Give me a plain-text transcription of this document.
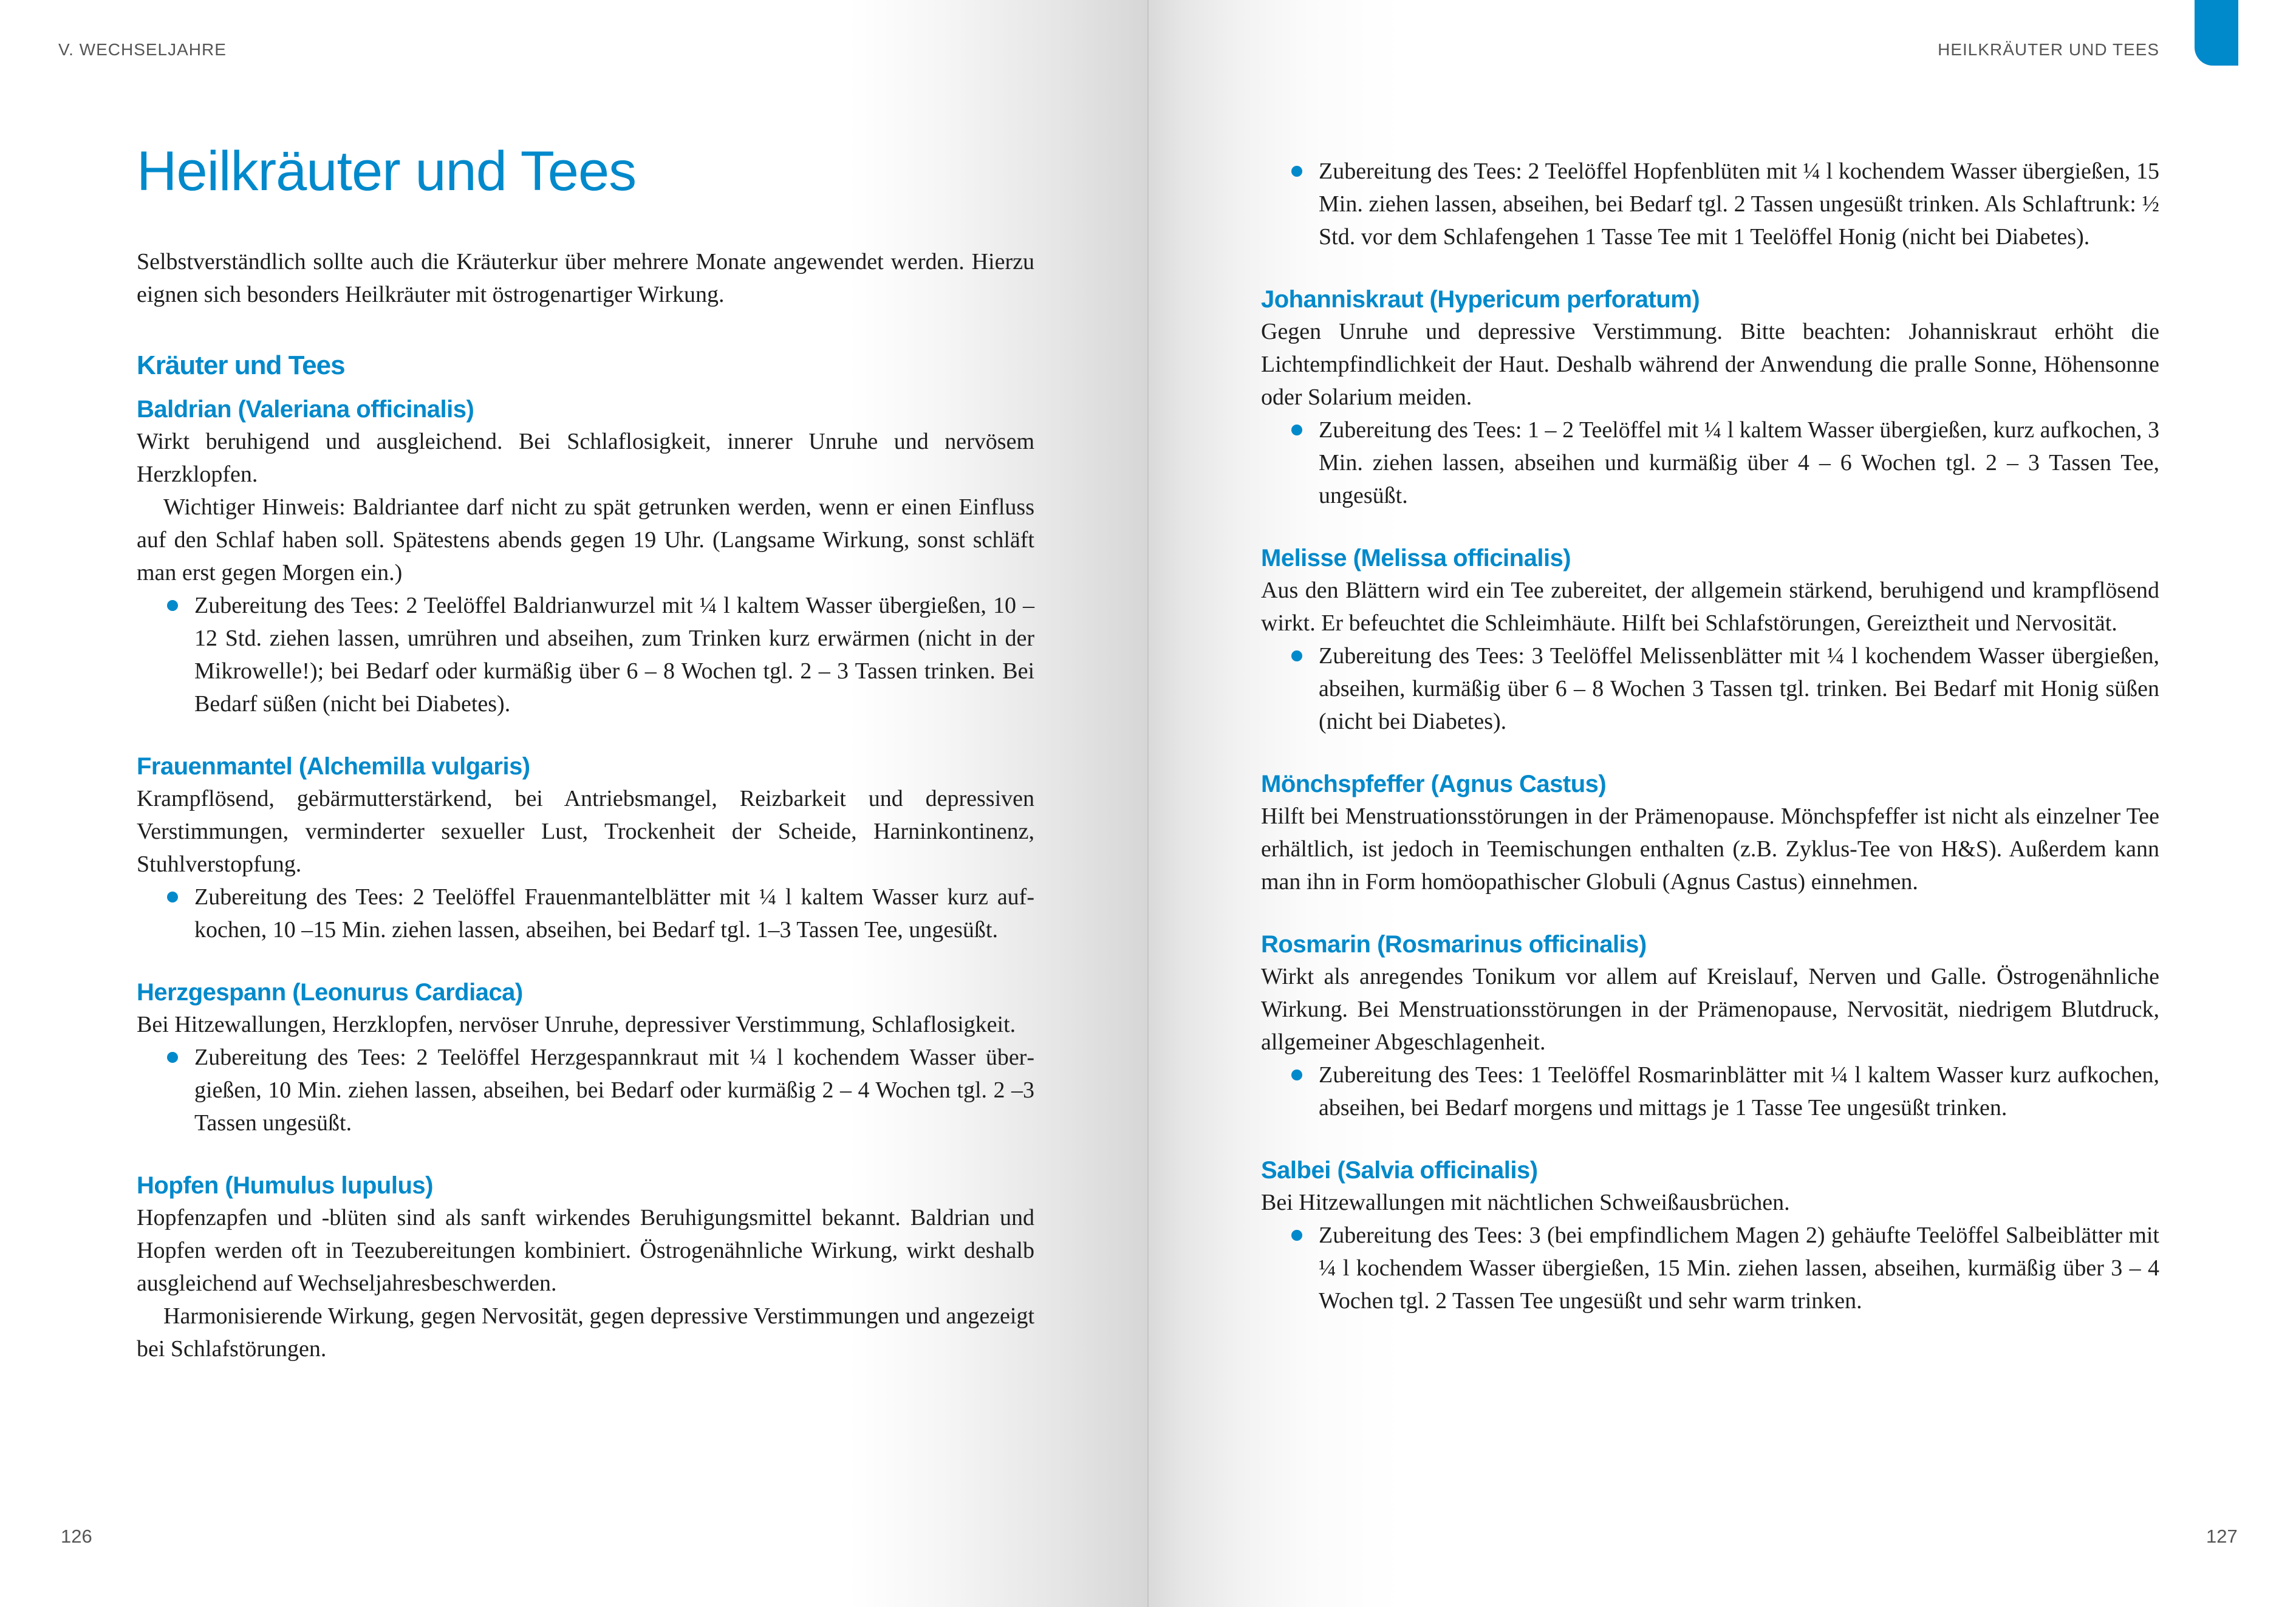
V. WECHSELJAHRE
Heilkräuter und Tees

Selbstverständlich sollte auch die Kräuterkur über mehrere Monate angewendet werden. Hierzu eignen sich besonders Heilkräuter mit östrogenartiger Wirkung.

Kräuter und Tees
Baldrian (Valeriana officinalis)

Wirkt beruhigend und ausgleichend. Bei Schlaflosigkeit, innerer Unruhe und nervösem Herzklopfen.

Wichtiger Hinweis: Baldriantee darf nicht zu spät getrunken werden, wenn er einen Einfluss auf den Schlaf haben soll. Spätestens abends gegen 19 Uhr. (Langsame Wirkung, sonst schläft man erst gegen Morgen ein.)

Zubereitung des Tees: 2 Teelöffel Baldrianwurzel mit ¼ l kaltem Wasser übergießen, 10 –12 Std. ziehen lassen, umrühren und abseihen, zum Trinken kurz erwärmen (nicht in der Mikrowelle!); bei Bedarf oder kurmäßig über 6 – 8 Wochen tgl. 2 – 3 Tassen trinken. Bei Bedarf süßen (nicht bei Diabetes).
Frauenmantel (Alchemilla vulgaris)

Krampflösend, gebärmutterstärkend, bei Antriebsmangel, Reizbarkeit und depressiven Verstimmungen, verminderter sexueller Lust, Trockenheit der Scheide, Harninkontinenz, Stuhlverstopfung.

Zubereitung des Tees: 2 Teelöffel Frauenmantelblätter mit ¼ l kaltem Wasser kurz aufkochen, 10 –15 Min. ziehen lassen, abseihen, bei Bedarf tgl. 1–3 Tassen Tee, ungesüßt.
Herzgespann (Leonurus Cardiaca)

Bei Hitzewallungen, Herzklopfen, nervöser Unruhe, depressiver Verstimmung, Schlaflosigkeit.

Zubereitung des Tees: 2 Teelöffel Herzgespannkraut mit ¼ l kochendem Wasser übergießen, 10 Min. ziehen lassen, abseihen, bei Bedarf oder kurmäßig 2 – 4 Wochen tgl. 2 –3 Tassen ungesüßt.
Hopfen (Humulus lupulus)

Hopfenzapfen und -blüten sind als sanft wirkendes Beruhigungsmittel bekannt. Baldrian und Hopfen werden oft in Teezubereitungen kombiniert. Östrogenähnliche Wirkung, wirkt deshalb ausgleichend auf Wechseljahresbeschwerden.

Harmonisierende Wirkung, gegen Nervosität, gegen depressive Verstimmungen und angezeigt bei Schlafstörungen.

126
HEILKRÄUTER UND TEES
Zubereitung des Tees: 2 Teelöffel Hopfenblüten mit ¼ l kochendem Wasser übergießen, 15 Min. ziehen lassen, abseihen, bei Bedarf tgl. 2 Tassen ungesüßt trinken. Als Schlaftrunk: ½ Std. vor dem Schlafengehen 1 Tasse Tee mit 1 Teelöffel Honig (nicht bei Diabetes).
Johanniskraut (Hypericum perforatum)

Gegen Unruhe und depressive Verstimmung. Bitte beachten: Johanniskraut erhöht die Lichtempfindlichkeit der Haut. Deshalb während der Anwendung die pralle Sonne, Höhensonne oder Solarium meiden.

Zubereitung des Tees: 1 – 2 Teelöffel mit ¼ l kaltem Wasser übergießen, kurz aufkochen, 3 Min. ziehen lassen, abseihen und kurmäßig über 4 – 6 Wochen tgl. 2 – 3 Tassen Tee, ungesüßt.
Melisse (Melissa officinalis)

Aus den Blättern wird ein Tee zubereitet, der allgemein stärkend, beruhigend und krampflösend wirkt. Er befeuchtet die Schleimhäute. Hilft bei Schlafstörungen, Gereiztheit und Nervosität.

Zubereitung des Tees: 3 Teelöffel Melissenblätter mit ¼ l kochendem Wasser übergießen, abseihen, kurmäßig über 6 – 8 Wochen 3 Tassen tgl. trinken. Bei Bedarf mit Honig süßen (nicht bei Diabetes).
Mönchspfeffer (Agnus Castus)

Hilft bei Menstruationsstörungen in der Prämenopause. Mönchspfeffer ist nicht als einzelner Tee erhältlich, ist jedoch in Teemischungen enthalten (z.B. Zyklus-Tee von H&S). Außerdem kann man ihn in Form homöopathischer Globuli (Agnus Castus) einnehmen.

Rosmarin (Rosmarinus officinalis)

Wirkt als anregendes Tonikum vor allem auf Kreislauf, Nerven und Galle. Östrogenähnliche Wirkung. Bei Menstruationsstörungen in der Prämenopause, Nervosität, niedrigem Blutdruck, allgemeiner Abgeschlagenheit.

Zubereitung des Tees: 1 Teelöffel Rosmarinblätter mit ¼ l kaltem Wasser kurz aufkochen, abseihen, bei Bedarf morgens und mittags je 1 Tasse Tee ungesüßt trinken.
Salbei (Salvia officinalis)

Bei Hitzewallungen mit nächtlichen Schweißausbrüchen.

Zubereitung des Tees: 3 (bei empfindlichem Magen 2) gehäufte Teelöffel Salbeiblätter mit ¼ l kochendem Wasser übergießen, 15 Min. ziehen lassen, abseihen, kurmäßig über 3 – 4 Wochen tgl. 2 Tassen Tee ungesüßt und sehr warm trinken.
127
